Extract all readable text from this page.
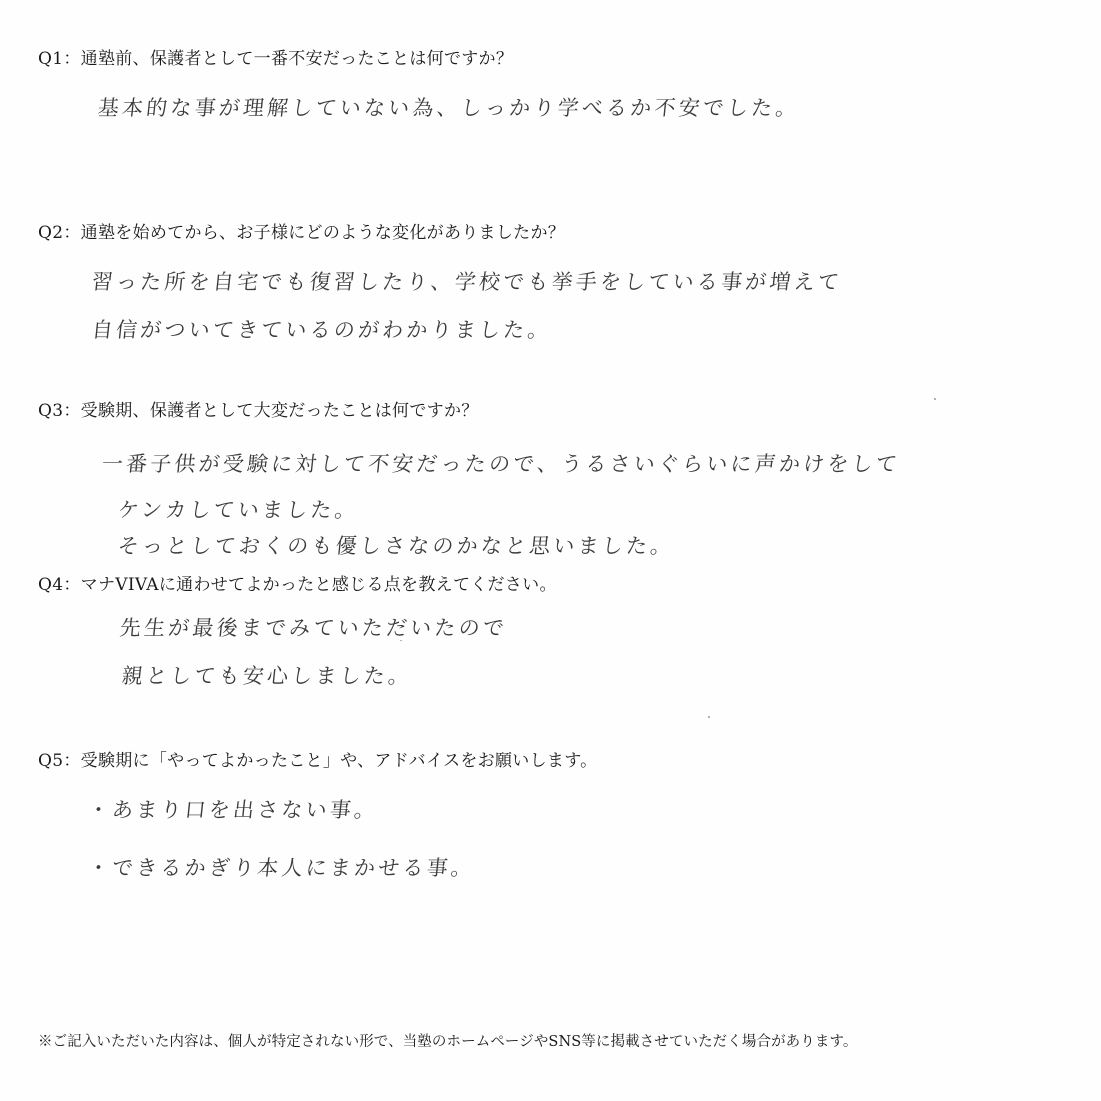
Q1：通塾前、保護者として一番不安だったことは何ですか？
基本的な事が理解していない為、しっかり学べるか不安でした。
Q2：通塾を始めてから、お子様にどのような変化がありましたか？
習った所を自宅でも復習したり、学校でも挙手をしている事が増えて
自信がついてきているのがわかりました。
Q3：受験期、保護者として大変だったことは何ですか？
一番子供が受験に対して不安だったので、うるさいぐらいに声かけをして
ケンカしていました。
そっとしておくのも優しさなのかなと思いました。
Q4：マナVIVAに通わせてよかったと感じる点を教えてください。
先生が最後までみていただいたので
親としても安心しました。
Q5：受験期に「やってよかったこと」や、アドバイスをお願いします。
・あまり口を出さない事。
・できるかぎり本人にまかせる事。
※ご記入いただいた内容は、個人が特定されない形で、当塾のホームページやSNS等に掲載させていただく場合があります。
